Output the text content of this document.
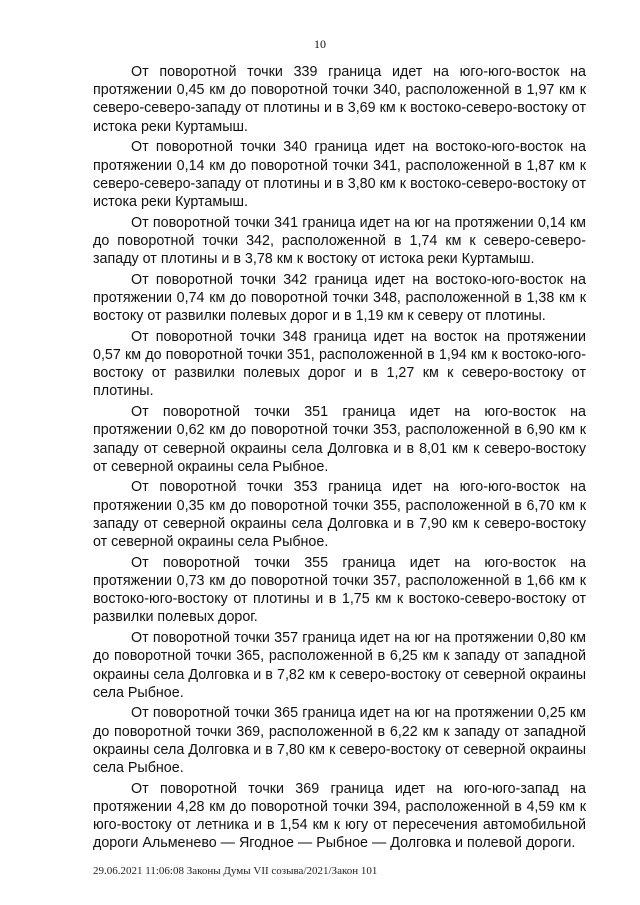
10

От поворотной точки 339 граница идет на юго-юго-восток на протяжении 0,45 км до поворотной точки 340, расположенной в 1,97 км к северо-северо-западу от плотины и в 3,69 км к востоко-северо-востоку от истока реки Куртамыш.

От поворотной точки 340 граница идет на востоко-юго-восток на протяжении 0,14 км до поворотной точки 341, расположенной в 1,87 км к северо-северо-западу от плотины и в 3,80 км к востоко-северо-востоку от истока реки Куртамыш.

От поворотной точки 341 граница идет на юг на протяжении 0,14 км до поворотной точки 342, расположенной в 1,74 км к северо-северо-западу от плотины и в 3,78 км к востоку от истока реки Куртамыш.

От поворотной точки 342 граница идет на востоко-юго-восток на протяжении 0,74 км до поворотной точки 348, расположенной в 1,38 км к востоку от развилки полевых дорог и в 1,19 км к северу от плотины.

От поворотной точки 348 граница идет на восток на протяжении 0,57 км до поворотной точки 351, расположенной в 1,94 км к востоко-юго-востоку от развилки полевых дорог и в 1,27 км к северо-востоку от плотины.

От поворотной точки 351 граница идет на юго-восток на протяжении 0,62 км до поворотной точки 353, расположенной в 6,90 км к западу от северной окраины села Долговка и в 8,01 км к северо-востоку от северной окраины села Рыбное.

От поворотной точки 353 граница идет на юго-юго-восток на протяжении 0,35 км до поворотной точки 355, расположенной в 6,70 км к западу от северной окраины села Долговка и в 7,90 км к северо-востоку от северной окраины села Рыбное.

От поворотной точки 355 граница идет на юго-восток на протяжении 0,73 км до поворотной точки 357, расположенной в 1,66 км к востоко-юго-востоку от плотины и в 1,75 км к востоко-северо-востоку от развилки полевых дорог.

От поворотной точки 357 граница идет на юг на протяжении 0,80 км до поворотной точки 365, расположенной в 6,25 км к западу от западной окраины села Долговка и в 7,82 км к северо-востоку от северной окраины села Рыбное.

От поворотной точки 365 граница идет на юг на протяжении 0,25 км до поворотной точки 369, расположенной в 6,22 км к западу от западной окраины села Долговка и в 7,80 км к северо-востоку от северной окраины села Рыбное.

От поворотной точки 369 граница идет на юго-юго-запад на протяжении 4,28 км до поворотной точки 394, расположенной в 4,59 км к юго-востоку от летника и в 1,54 км к югу от пересечения автомобильной дороги Альменево — Ягодное — Рыбное — Долговка и полевой дороги.

29.06.2021 11:06:08 Законы Думы VII созыва/2021/Закон 101
